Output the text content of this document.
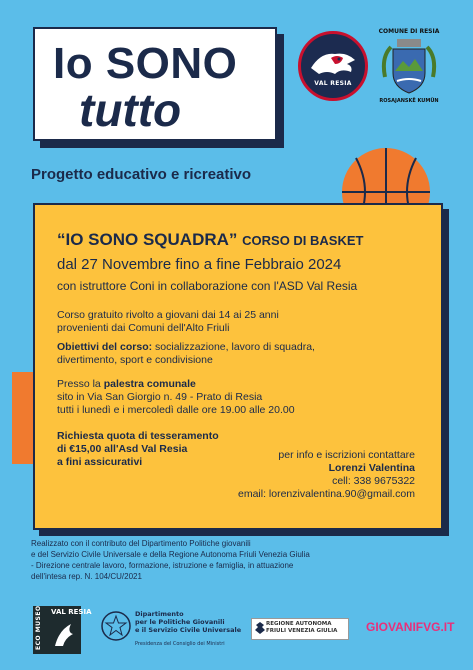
Io SONO
tutto
VAL RESIA
COMUNE DI RESIA
ROSAJANSKË KUMÜN
Progetto educativo e ricreativo
“IO SONO SQUADRA” CORSO DI BASKET
dal 27 Novembre fino a fine Febbraio 2024
con istruttore Coni in collaborazione con l'ASD Val Resia
Corso gratuito rivolto a giovani dai 14 ai 25 anni
provenienti dai Comuni dell'Alto Friuli
Obiettivi del corso: socializzazione, lavoro di squadra,
divertimento, sport e condivisione
Presso la palestra comunale
sito in Via San Giorgio n. 49 - Prato di Resia
tutti i lunedì e i mercoledì dalle ore 19.00 alle 20.00
Richiesta quota di tesseramento
di €15,00 all'Asd Val Resia
a fini assicurativi
per info e iscrizioni contattare
Lorenzi Valentina
cell: 338 9675322
email: lorenzivalentina.90@gmail.com
Realizzato con il contributo del Dipartimento Politiche giovanili
e del Servizio Civile Universale e della Regione Autonoma Friuli Venezia Giulia
- Direzione centrale lavoro, formazione, istruzione e famiglia, in attuazione
dell'intesa rep. N. 104/CU/2021
VAL RESIA
ECO MUSEO	Dipartimento
per le Politiche Giovanili
e il Servizio Civile Universale
Presidenza del Consiglio dei Ministri
REGIONE AUTONOMA
FRIULI VENEZIA GIULIA GIOVANIFVG.IT
